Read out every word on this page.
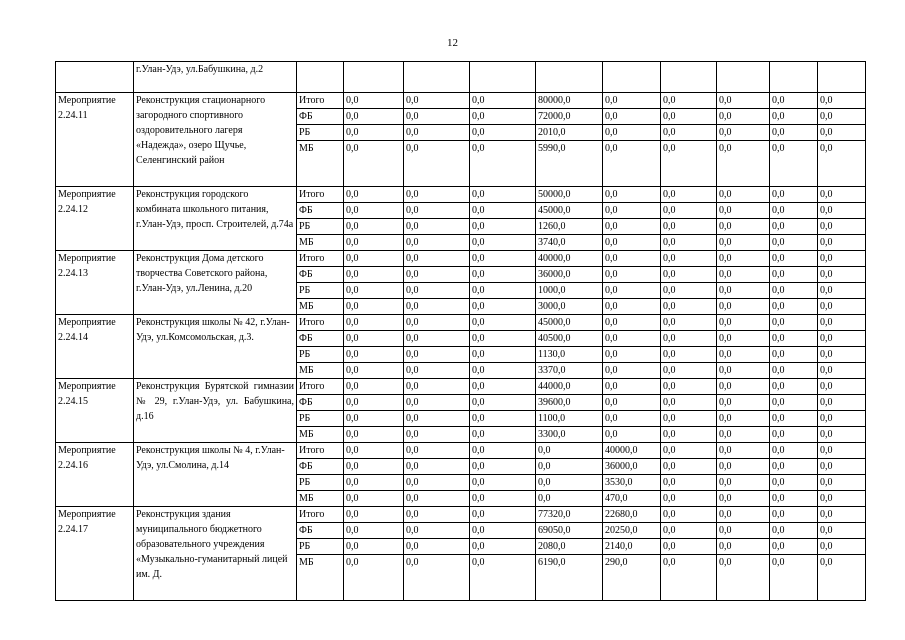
12
	г.Улан-Удэ, ул.Бабушкина, д.2										
Мероприятие 2.24.11	Реконструкция стационарного загородного спортивного оздоровительного лагеря «Надежда», озеро Щучье, Селенгинский район	Итого	0,0	0,0	0,0	80000,0	0,0	0,0	0,0	0,0	0,0
		ФБ	0,0	0,0	0,0	72000,0	0,0	0,0	0,0	0,0	0,0
		РБ	0,0	0,0	0,0	2010,0	0,0	0,0	0,0	0,0	0,0
		МБ	0,0	0,0	0,0	5990,0	0,0	0,0	0,0	0,0	0,0
Мероприятие 2.24.12	Реконструкция городского комбината школьного питания, г.Улан-Удэ, просп. Строителей, д.74а	Итого	0,0	0,0	0,0	50000,0	0,0	0,0	0,0	0,0	0,0
		ФБ	0,0	0,0	0,0	45000,0	0,0	0,0	0,0	0,0	0,0
		РБ	0,0	0,0	0,0	1260,0	0,0	0,0	0,0	0,0	0,0
		МБ	0,0	0,0	0,0	3740,0	0,0	0,0	0,0	0,0	0,0
Мероприятие 2.24.13	Реконструкция Дома детского творчества Советского района, г.Улан-Удэ, ул.Ленина, д.20	Итого	0,0	0,0	0,0	40000,0	0,0	0,0	0,0	0,0	0,0
		ФБ	0,0	0,0	0,0	36000,0	0,0	0,0	0,0	0,0	0,0
		РБ	0,0	0,0	0,0	1000,0	0,0	0,0	0,0	0,0	0,0
		МБ	0,0	0,0	0,0	3000,0	0,0	0,0	0,0	0,0	0,0
Мероприятие 2.24.14	Реконструкция школы № 42, г.Улан-Удэ, ул.Комсомольская, д.3.	Итого	0,0	0,0	0,0	45000,0	0,0	0,0	0,0	0,0	0,0
		ФБ	0,0	0,0	0,0	40500,0	0,0	0,0	0,0	0,0	0,0
		РБ	0,0	0,0	0,0	1130,0	0,0	0,0	0,0	0,0	0,0
		МБ	0,0	0,0	0,0	3370,0	0,0	0,0	0,0	0,0	0,0
Мероприятие 2.24.15	Реконструкция Бурятской гимназии № 29, г.Улан-Удэ, ул. Бабушкина, д.16	Итого	0,0	0,0	0,0	44000,0	0,0	0,0	0,0	0,0	0,0
		ФБ	0,0	0,0	0,0	39600,0	0,0	0,0	0,0	0,0	0,0
		РБ	0,0	0,0	0,0	1100,0	0,0	0,0	0,0	0,0	0,0
		МБ	0,0	0,0	0,0	3300,0	0,0	0,0	0,0	0,0	0,0
Мероприятие 2.24.16	Реконструкция школы № 4, г.Улан-Удэ, ул.Смолина, д.14	Итого	0,0	0,0	0,0	0,0	40000,0	0,0	0,0	0,0	0,0
		ФБ	0,0	0,0	0,0	0,0	36000,0	0,0	0,0	0,0	0,0
		РБ	0,0	0,0	0,0	0,0	3530,0	0,0	0,0	0,0	0,0
		МБ	0,0	0,0	0,0	0,0	470,0	0,0	0,0	0,0	0,0
Мероприятие 2.24.17	Реконструкция здания муниципального бюджетного образовательного учреждения «Музыкально-гуманитарный лицей им. Д.	Итого	0,0	0,0	0,0	77320,0	22680,0	0,0	0,0	0,0	0,0
		ФБ	0,0	0,0	0,0	69050,0	20250,0	0,0	0,0	0,0	0,0
		РБ	0,0	0,0	0,0	2080,0	2140,0	0,0	0,0	0,0	0,0
		МБ	0,0	0,0	0,0	6190,0	290,0	0,0	0,0	0,0	0,0
